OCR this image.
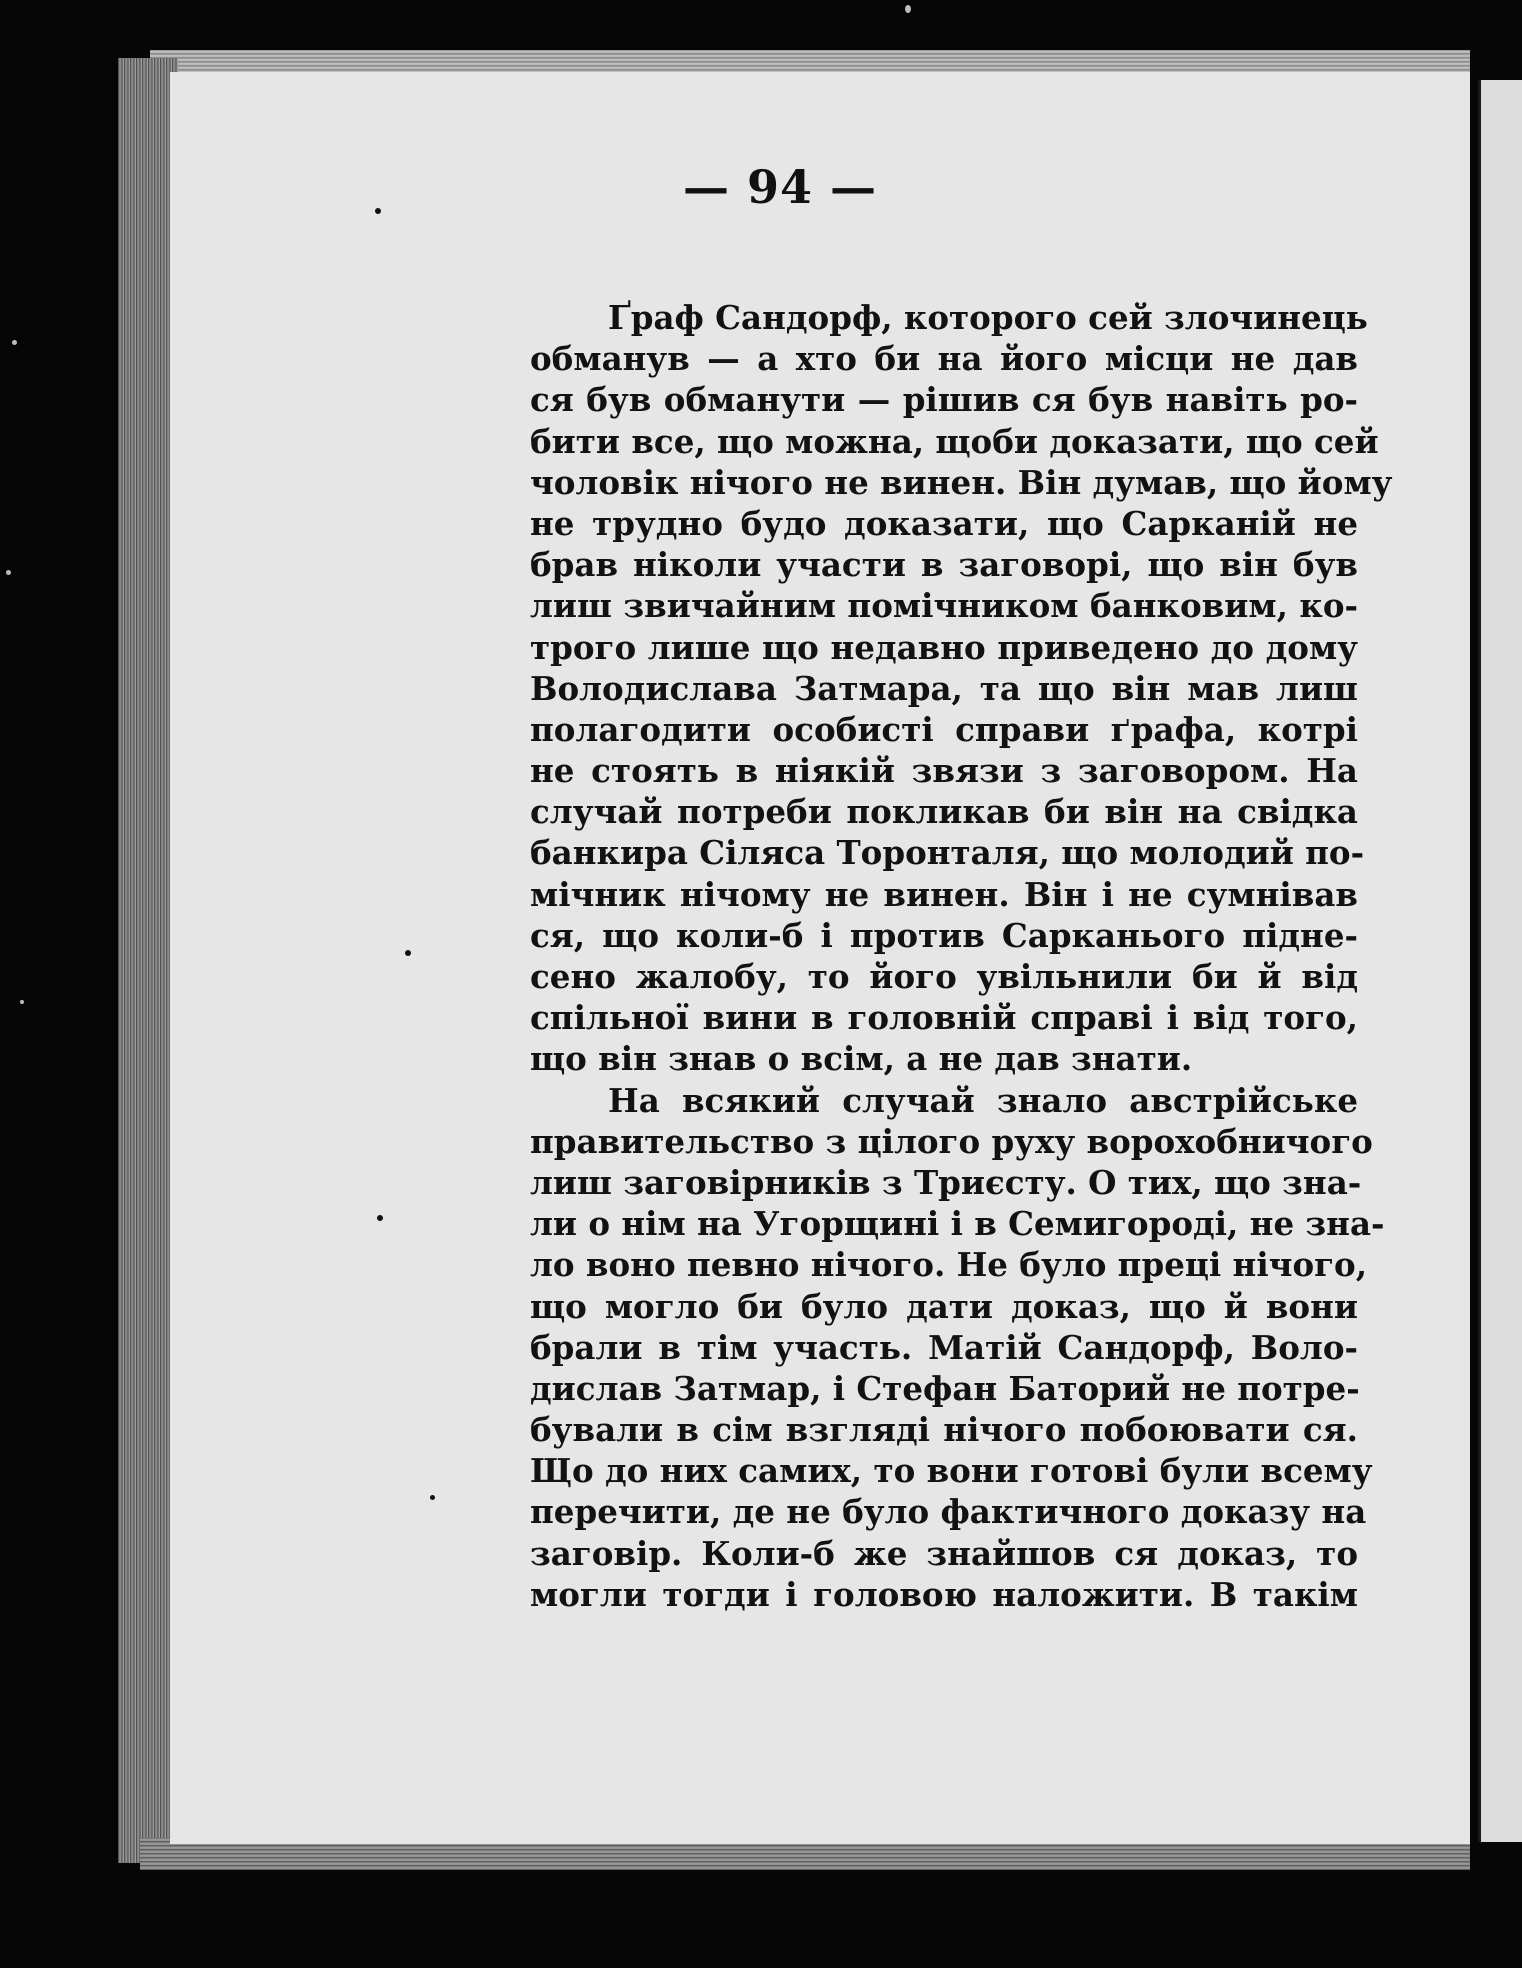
— 94 —
Ґраф Сандорф, которого сей злочинець
обманув — а хто би на його місци не дав
ся був обманути — рішив ся був навіть ро-
бити все, що можна, щоби доказати, що сей
чоловік нічого не винен. Він думав, що йому
не трудно будо доказати, що Сарканій не
брав ніколи участи в заговорі, що він був
лиш звичайним помічником банковим, ко-
трого лише що недавно приведено до дому
Володислава Затмара, та що він мав лиш
полагодити особисті справи ґрафа, котрі
не стоять в ніякій звязи з заговором. На
случай потреби покликав би він на свідка
банкира Сіляса Торонталя, що молодий по-
мічник нічому не винен. Він і не сумнівав
ся, що коли-б і против Сарканього підне-
сено жалобу, то його увільнили би й від
спільної вини в головній справі і від того,
що він знав о всім, а не дав знати.
На всякий случай знало австрійське
правительство з цілого руху ворохобничого
лиш заговірників з Триєсту. О тих, що зна-
ли о нім на Угорщині і в Семигороді, не зна-
ло воно певно нічого. Не було преці нічого,
що могло би було дати доказ, що й вони
брали в тім участь. Матій Сандорф, Воло-
дислав Затмар, і Стефан Баторий не потре-
бували в сім взгляді нічого побоювати ся.
Що до них самих, то вони готові були всему
перечити, де не було фактичного доказу на
заговір. Коли-б же знайшов ся доказ, то
могли тогди і головою наложити. В такім
